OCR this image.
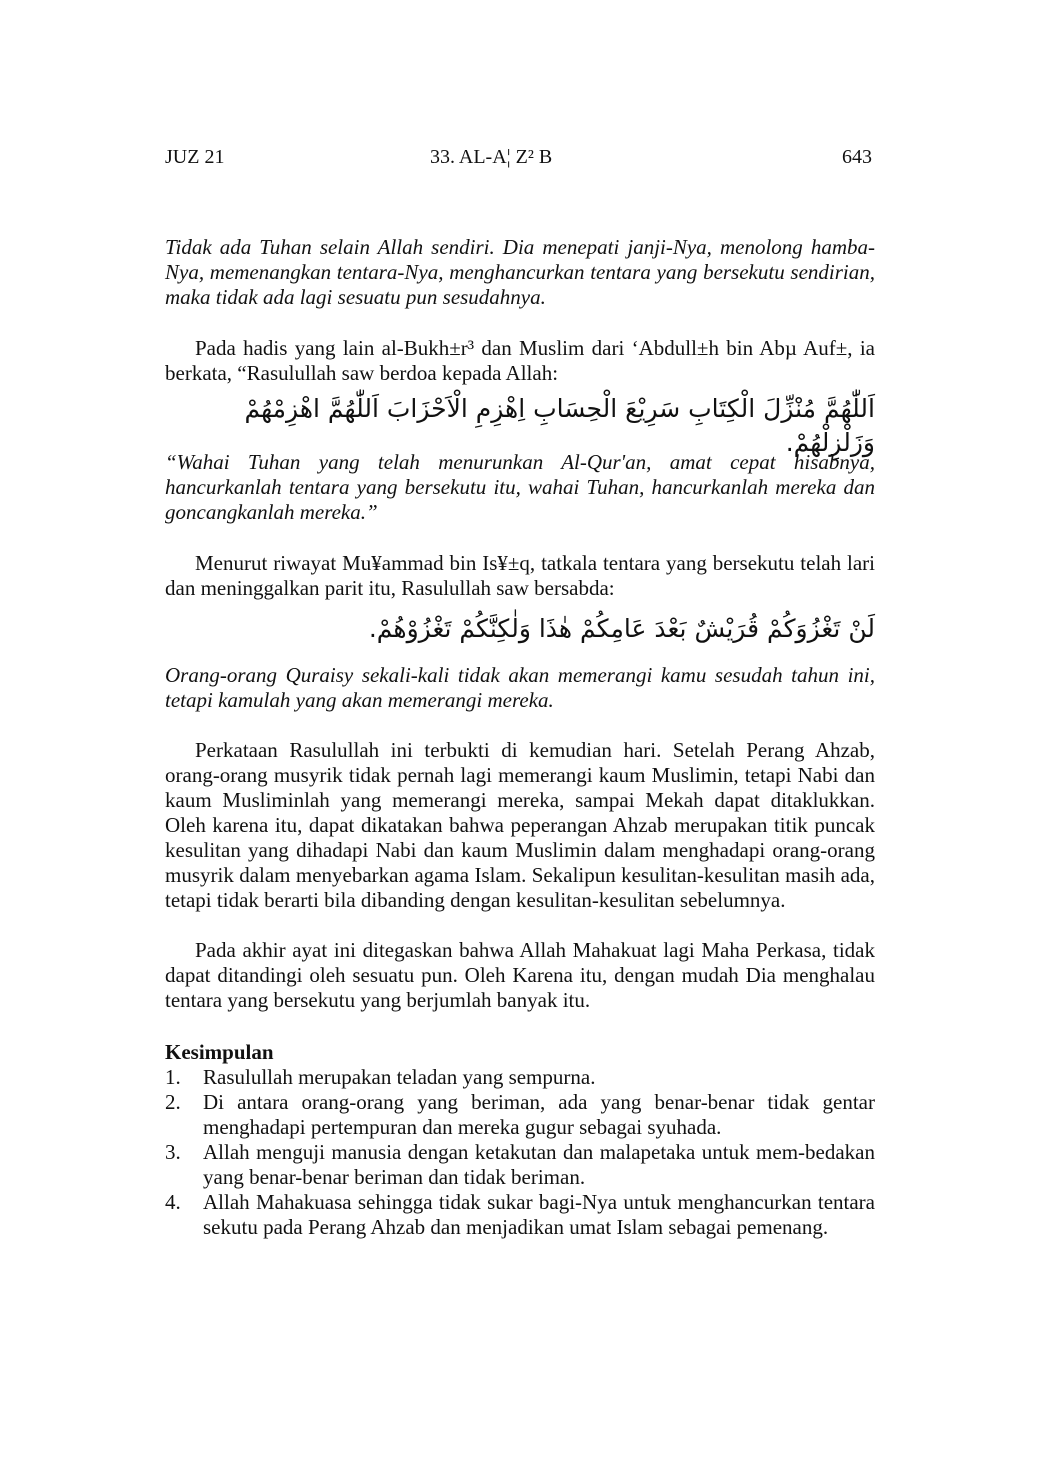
JUZ 21	33. AL-A¦ Z² B	643
Tidak ada Tuhan selain Allah sendiri. Dia menepati janji-Nya, menolong hamba-Nya, memenangkan tentara-Nya, menghancurkan tentara yang bersekutu sendirian, maka tidak ada lagi sesuatu pun sesudahnya.
Pada hadis yang lain al-Bukh±r³ dan Muslim dari ‘Abdull±h bin Abµ Auf±, ia berkata, “Rasulullah saw berdoa kepada Allah:
اَللّٰهُمَّ مُنْزِّلَ الْكِتَابِ سَرِيْعَ الْحِسَابِ اِهْزِمِ الْاَحْزَابَ اَللّٰهُمَّ اهْزِمْهُمْ وَزَلْزِلْهُمْ.
“Wahai Tuhan yang telah menurunkan Al-Qur'an, amat cepat hisabnya, hancurkanlah tentara yang bersekutu itu, wahai Tuhan, hancurkanlah mereka dan goncangkanlah mereka.”
Menurut riwayat Mu¥ammad bin Is¥±q, tatkala tentara yang bersekutu telah lari dan meninggalkan parit itu, Rasulullah saw bersabda:
لَنْ تَغْزُوَكُمْ قُرَيْشٌ بَعْدَ عَامِكُمْ هٰذَا وَلٰكِنَّكُمْ تَغْزُوْهُمْ.
Orang-orang Quraisy sekali-kali tidak akan memerangi kamu sesudah tahun ini, tetapi kamulah yang akan memerangi mereka.
Perkataan Rasulullah ini terbukti di kemudian hari. Setelah Perang Ahzab, orang-orang musyrik tidak pernah lagi memerangi kaum Muslimin, tetapi Nabi dan kaum Musliminlah yang memerangi mereka, sampai Mekah dapat ditaklukkan. Oleh karena itu, dapat dikatakan bahwa peperangan Ahzab merupakan titik puncak kesulitan yang dihadapi Nabi dan kaum Muslimin dalam menghadapi orang-orang musyrik dalam menyebarkan agama Islam. Sekalipun kesulitan-kesulitan masih ada, tetapi tidak berarti bila dibanding dengan kesulitan-kesulitan sebelumnya.
Pada akhir ayat ini ditegaskan bahwa Allah Mahakuat lagi Maha Perkasa, tidak dapat ditandingi oleh sesuatu pun. Oleh Karena itu, dengan mudah Dia menghalau tentara yang bersekutu yang berjumlah banyak itu.
Kesimpulan
1. Rasulullah merupakan teladan yang sempurna.
2. Di antara orang-orang yang beriman, ada yang benar-benar tidak gentar menghadapi pertempuran dan mereka gugur sebagai syuhada.
3. Allah menguji manusia dengan ketakutan dan malapetaka untuk mem-bedakan yang benar-benar beriman dan tidak beriman.
4. Allah Mahakuasa sehingga tidak sukar bagi-Nya untuk menghancurkan tentara sekutu pada Perang Ahzab dan menjadikan umat Islam sebagai pemenang.
